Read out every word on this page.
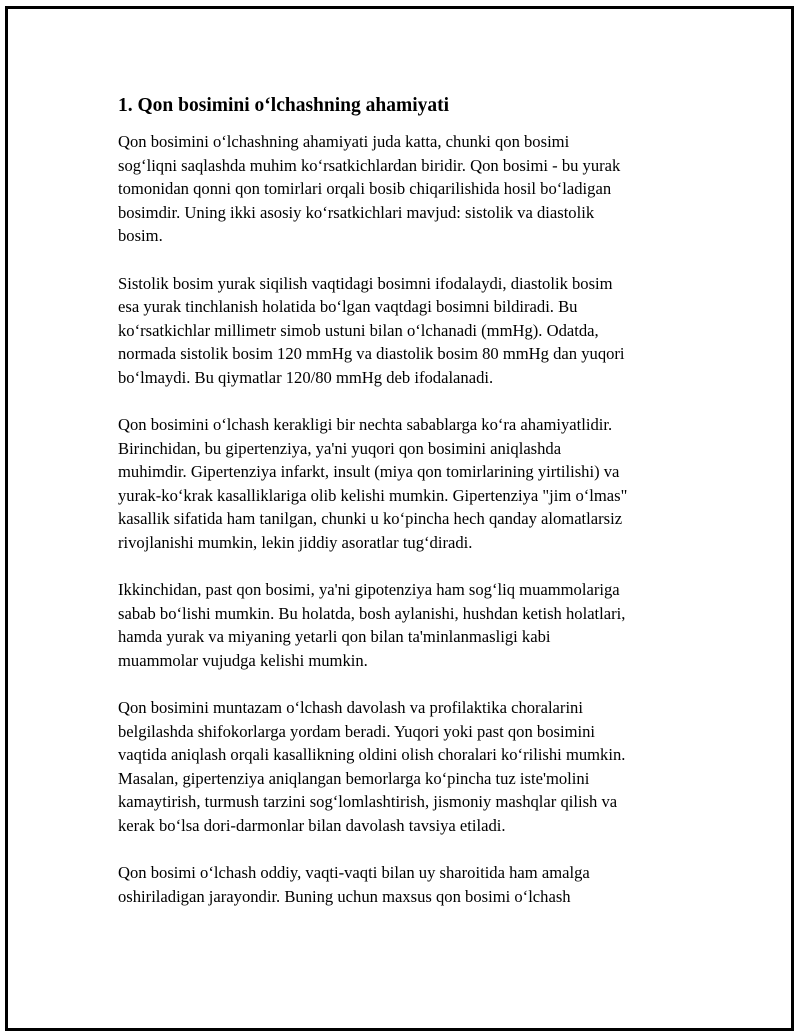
1. Qon bosimini o‘lchashning ahamiyati

Qon bosimini o‘lchashning ahamiyati juda katta, chunki qon bosimi
sog‘liqni saqlashda muhim ko‘rsatkichlardan biridir. Qon bosimi - bu yurak
tomonidan qonni qon tomirlari orqali bosib chiqarilishida hosil bo‘ladigan
bosimdir. Uning ikki asosiy ko‘rsatkichlari mavjud: sistolik va diastolik
bosim.

Sistolik bosim yurak siqilish vaqtidagi bosimni ifodalaydi, diastolik bosim
esa yurak tinchlanish holatida bo‘lgan vaqtdagi bosimni bildiradi. Bu
ko‘rsatkichlar millimetr simob ustuni bilan o‘lchanadi (mmHg). Odatda,
normada sistolik bosim 120 mmHg va diastolik bosim 80 mmHg dan yuqori
bo‘lmaydi. Bu qiymatlar 120/80 mmHg deb ifodalanadi.

Qon bosimini o‘lchash kerakligi bir nechta sabablarga ko‘ra ahamiyatlidir.
Birinchidan, bu gipertenziya, ya'ni yuqori qon bosimini aniqlashda
muhimdir. Gipertenziya infarkt, insult (miya qon tomirlarining yirtilishi) va
yurak-ko‘krak kasalliklariga olib kelishi mumkin. Gipertenziya "jim o‘lmas"
kasallik sifatida ham tanilgan, chunki u ko‘pincha hech qanday alomatlarsiz
rivojlanishi mumkin, lekin jiddiy asoratlar tug‘diradi.

Ikkinchidan, past qon bosimi, ya'ni gipotenziya ham sog‘liq muammolariga
sabab bo‘lishi mumkin. Bu holatda, bosh aylanishi, hushdan ketish holatlari,
hamda yurak va miyaning yetarli qon bilan ta'minlanmasligi kabi
muammolar vujudga kelishi mumkin.

Qon bosimini muntazam o‘lchash davolash va profilaktika choralarini
belgilashda shifokorlarga yordam beradi. Yuqori yoki past qon bosimini
vaqtida aniqlash orqali kasallikning oldini olish choralari ko‘rilishi mumkin.
Masalan, gipertenziya aniqlangan bemorlarga ko‘pincha tuz iste'molini
kamaytirish, turmush tarzini sog‘lomlashtirish, jismoniy mashqlar qilish va
kerak bo‘lsa dori-darmonlar bilan davolash tavsiya etiladi.

Qon bosimi o‘lchash oddiy, vaqti-vaqti bilan uy sharoitida ham amalga
oshiriladigan jarayondir. Buning uchun maxsus qon bosimi o‘lchash
